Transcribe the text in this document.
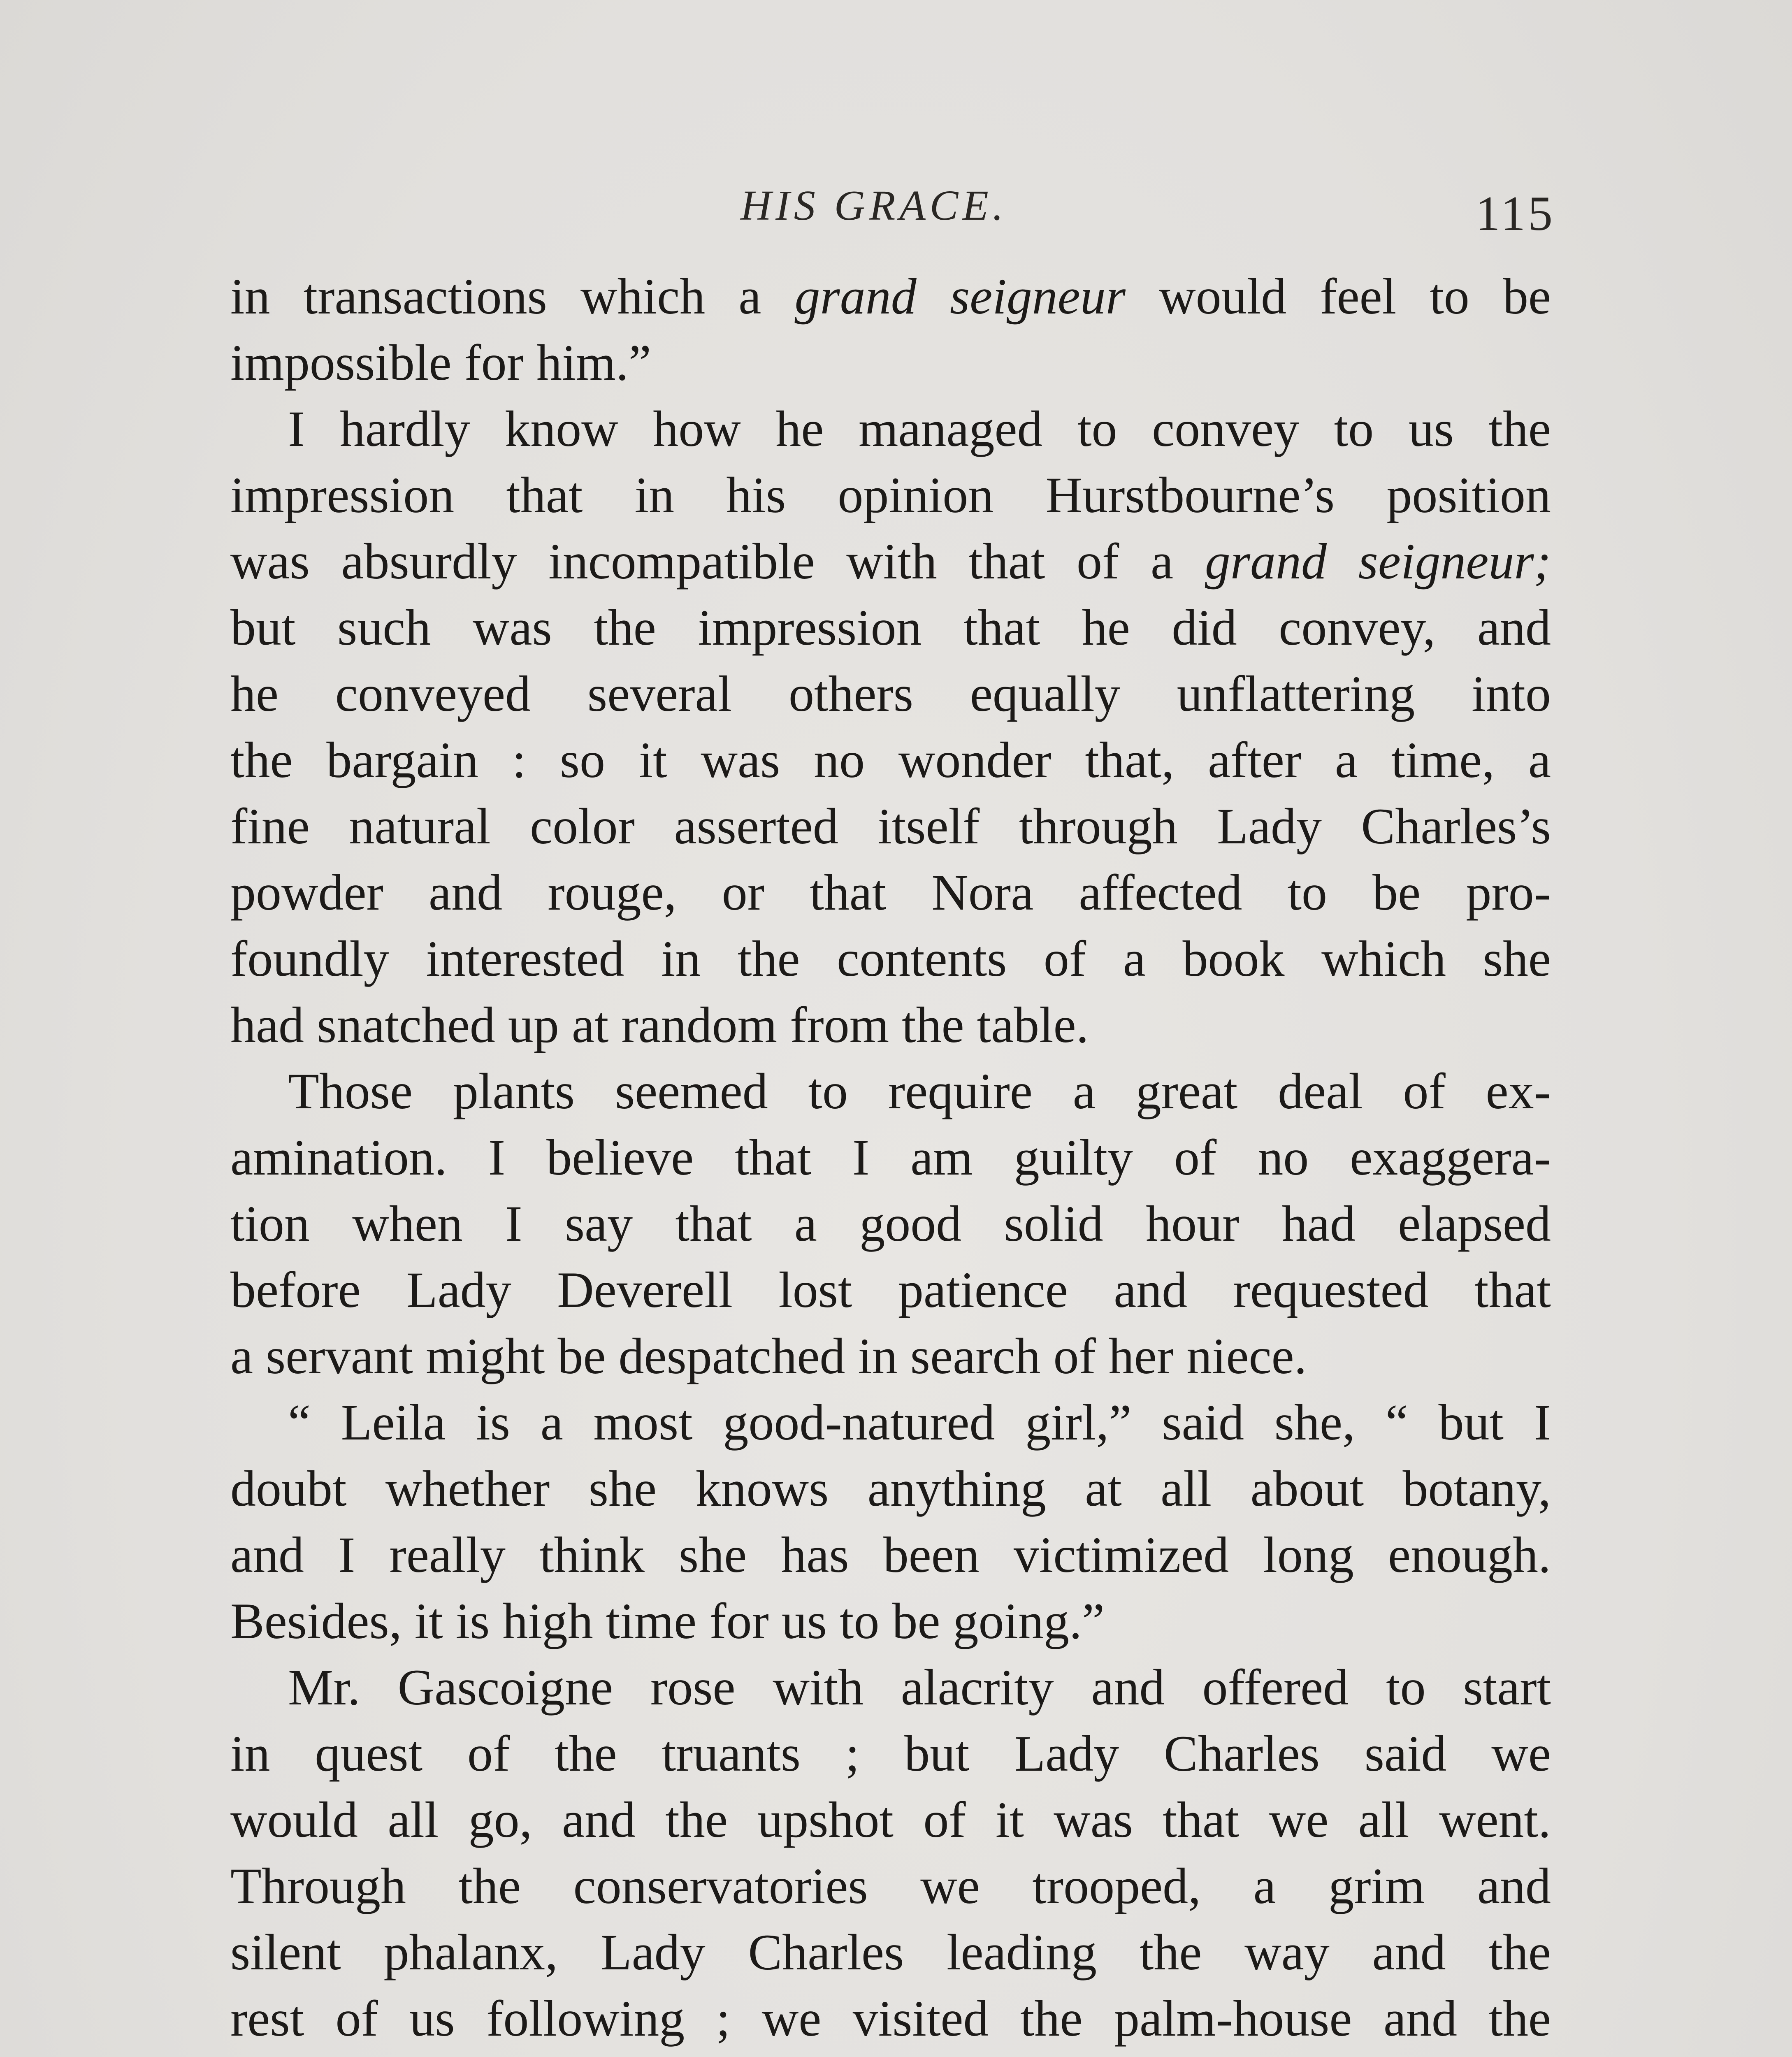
HIS GRACE.	115
in transactions which a grand seigneur would feel to be
impossible for him.”
I hardly know how he managed to convey to us the
impression that in his opinion Hurstbourne’s position
was absurdly incompatible with that of a grand seigneur;
but such was the impression that he did convey, and
he conveyed several others equally unflattering into
the bargain : so it was no wonder that, after a time, a
fine natural color asserted itself through Lady Charles’s
powder and rouge, or that Nora affected to be pro-
foundly interested in the contents of a book which she
had snatched up at random from the table.
Those plants seemed to require a great deal of ex-
amination. I believe that I am guilty of no exaggera-
tion when I say that a good solid hour had elapsed
before Lady Deverell lost patience and requested that
a servant might be despatched in search of her niece.
“ Leila is a most good-natured girl,” said she, “ but I
doubt whether she knows anything at all about botany,
and I really think she has been victimized long enough.
Besides, it is high time for us to be going.”
Mr. Gascoigne rose with alacrity and offered to start
in quest of the truants ; but Lady Charles said we
would all go, and the upshot of it was that we all went.
Through the conservatories we trooped, a grim and
silent phalanx, Lady Charles leading the way and the
rest of us following ; we visited the palm-house and the
